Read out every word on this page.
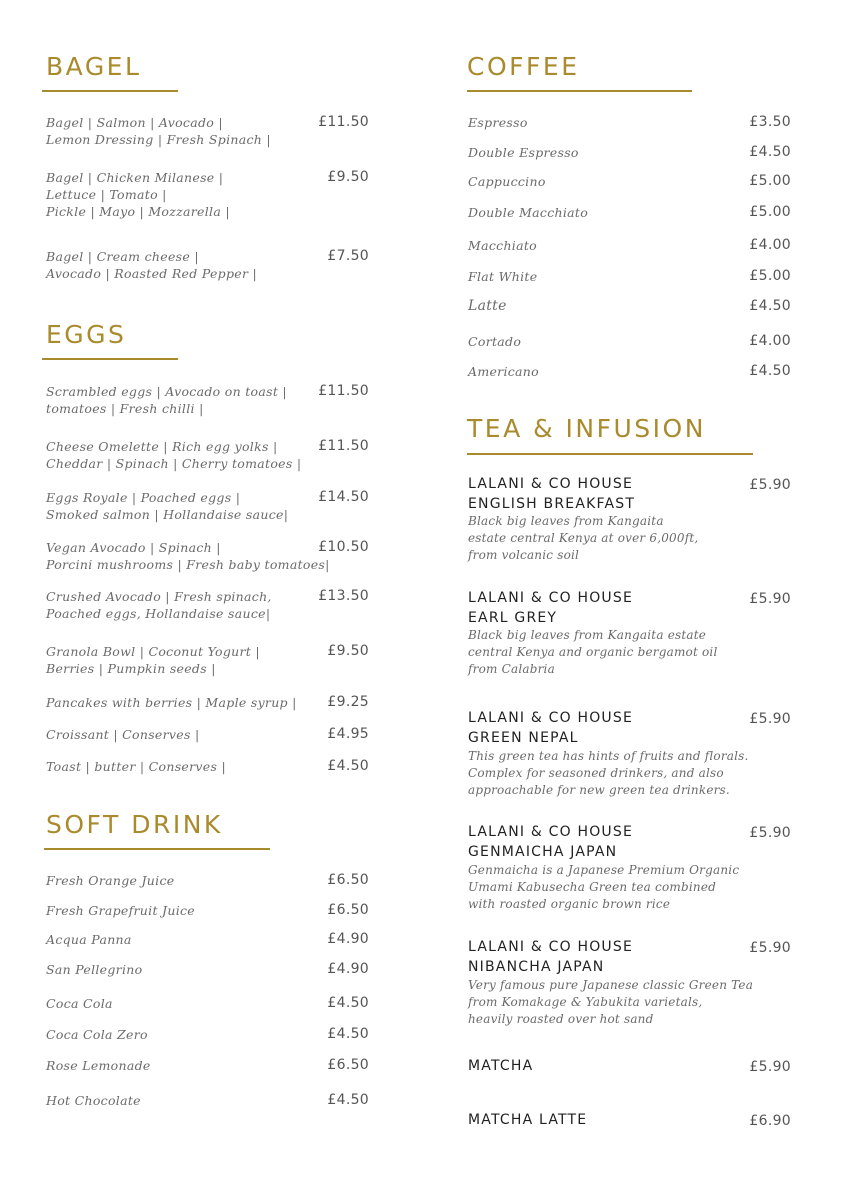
BAGEL
Bagel | Salmon | Avocado |
Lemon Dressing | Fresh Spinach |
£11.50
Bagel | Chicken Milanese |
Lettuce | Tomato |
Pickle | Mayo | Mozzarella |
£9.50
Bagel | Cream cheese |
Avocado | Roasted Red Pepper |
£7.50
EGGS
Scrambled eggs | Avocado on toast |
tomatoes | Fresh chilli |
£11.50
Cheese Omelette | Rich egg yolks |
Cheddar | Spinach | Cherry tomatoes |
£11.50
Eggs Royale | Poached eggs |
Smoked salmon | Hollandaise sauce|
£14.50
Vegan Avocado | Spinach |
Porcini mushrooms | Fresh baby tomatoes|
£10.50
Crushed Avocado | Fresh spinach,
Poached eggs, Hollandaise sauce|
£13.50
Granola Bowl | Coconut Yogurt |
Berries | Pumpkin seeds |
£9.50
Pancakes with berries | Maple syrup |	£9.25
Croissant | Conserves |	£4.95
Toast | butter | Conserves |	£4.50
SOFT DRINK
Fresh Orange Juice	£6.50
Fresh Grapefruit Juice	£6.50
Acqua Panna	£4.90
San Pellegrino	£4.90
Coca Cola	£4.50
Coca Cola Zero	£4.50
Rose Lemonade	£6.50
Hot Chocolate	£4.50
COFFEE
Espresso	£3.50
Double Espresso	£4.50
Cappuccino	£5.00
Double Macchiato	£5.00
Macchiato	£4.00
Flat White	£5.00
Latte	£4.50
Cortado	£4.00
Americano	£4.50
TEA & INFUSION
LALANI & CO HOUSE
ENGLISH BREAKFAST
£5.90
Black big leaves from Kangaita
estate central Kenya at over 6,000ft,
from volcanic soil
LALANI & CO HOUSE
EARL GREY
£5.90
Black big leaves from Kangaita estate
central Kenya and organic bergamot oil
from Calabria
LALANI & CO HOUSE
GREEN NEPAL
£5.90
This green tea has hints of fruits and florals.
Complex for seasoned drinkers, and also
approachable for new green tea drinkers.
LALANI & CO HOUSE
GENMAICHA JAPAN
£5.90
Genmaicha is a Japanese Premium Organic
Umami Kabusecha Green tea combined
with roasted organic brown rice
LALANI & CO HOUSE
NIBANCHA JAPAN
£5.90
Very famous pure Japanese classic Green Tea
from Komakage & Yabukita varietals,
heavily roasted over hot sand
MATCHA	£5.90
MATCHA LATTE	£6.90
